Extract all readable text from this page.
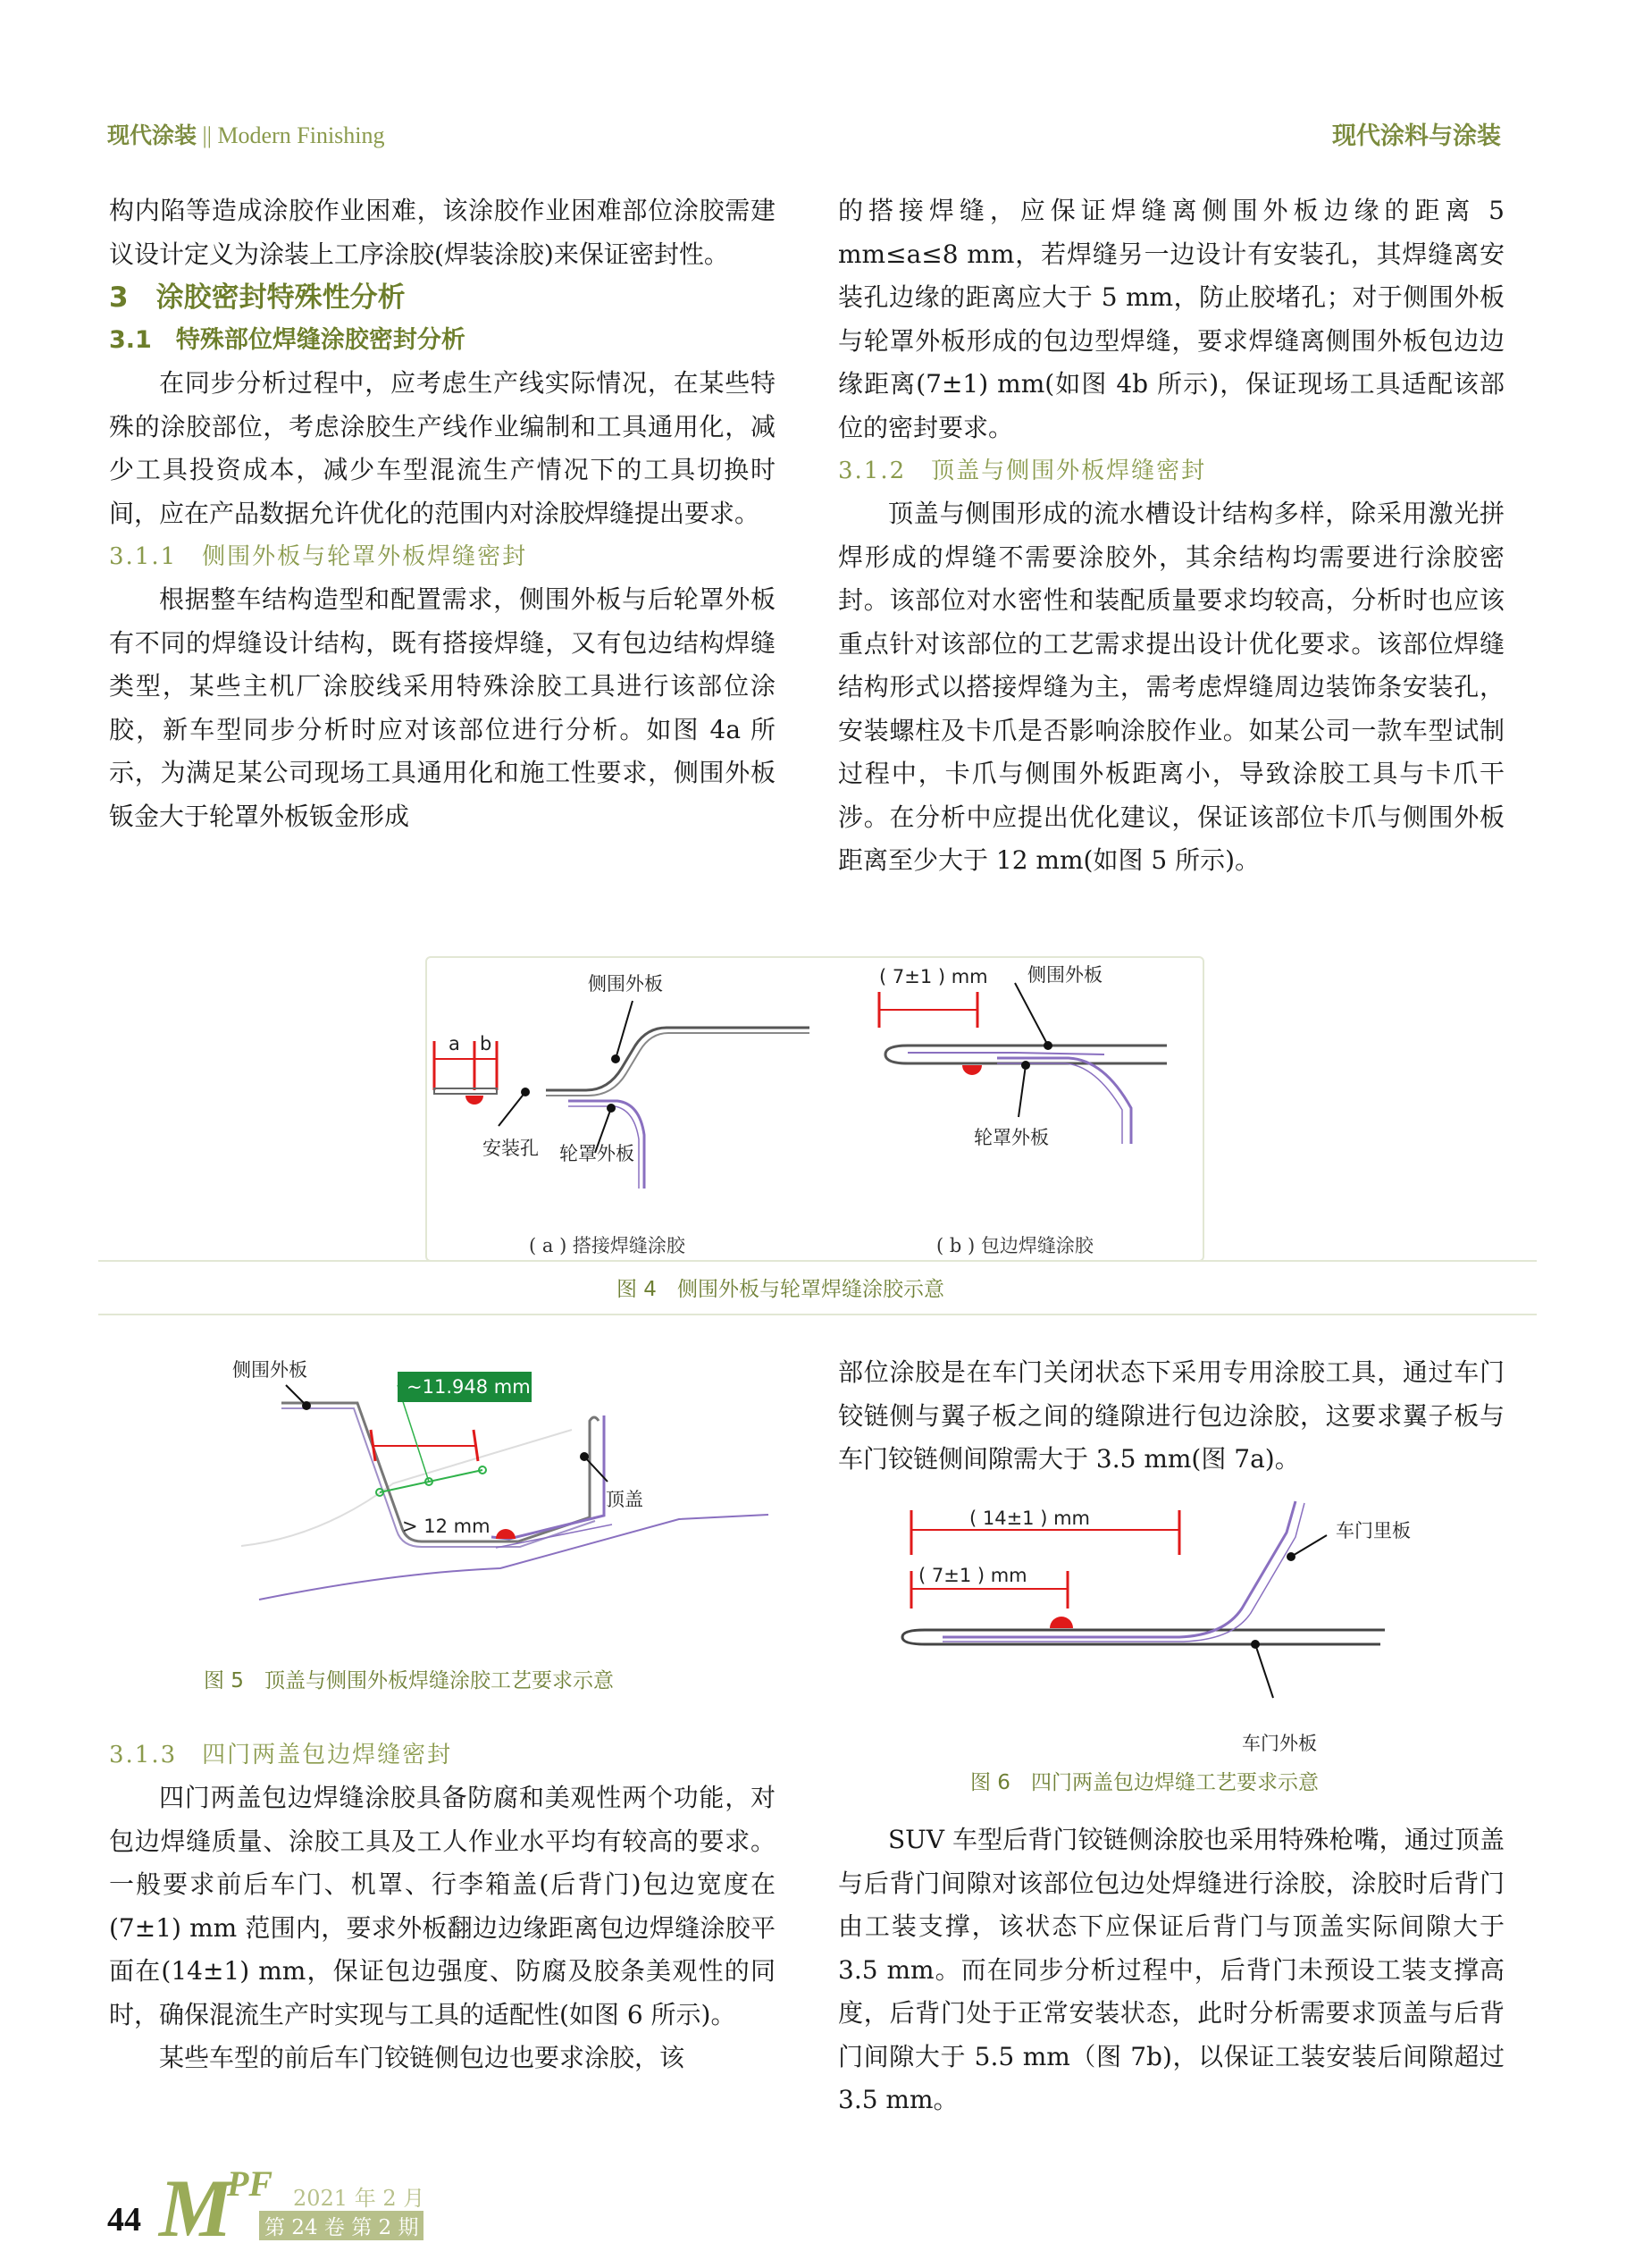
现代涂装 || Modern Finishing	现代涂料与涂装

构内陷等造成涂胶作业困难，该涂胶作业困难部位涂胶需建议设计定义为涂装上工序涂胶(焊装涂胶)来保证密封性。

3　涂胶密封特殊性分析

3.1　特殊部位焊缝涂胶密封分析

在同步分析过程中，应考虑生产线实际情况，在某些特殊的涂胶部位，考虑涂胶生产线作业编制和工具通用化，减少工具投资成本，减少车型混流生产情况下的工具切换时间，应在产品数据允许优化的范围内对涂胶焊缝提出要求。

3.1.1　侧围外板与轮罩外板焊缝密封

根据整车结构造型和配置需求，侧围外板与后轮罩外板有不同的焊缝设计结构，既有搭接焊缝，又有包边结构焊缝类型，某些主机厂涂胶线采用特殊涂胶工具进行该部位涂胶，新车型同步分析时应对该部位进行分析。如图 4a 所示，为满足某公司现场工具通用化和施工性要求，侧围外板钣金大于轮罩外板钣金形成

的搭接焊缝，应保证焊缝离侧围外板边缘的距离 5 mm≤a≤8 mm，若焊缝另一边设计有安装孔，其焊缝离安装孔边缘的距离应大于 5 mm，防止胶堵孔；对于侧围外板与轮罩外板形成的包边型焊缝，要求焊缝离侧围外板包边边缘距离(7±1) mm(如图 4b 所示)，保证现场工具适配该部位的密封要求。

3.1.2　顶盖与侧围外板焊缝密封

顶盖与侧围形成的流水槽设计结构多样，除采用激光拼焊形成的焊缝不需要涂胶外，其余结构均需要进行涂胶密封。该部位对水密性和装配质量要求均较高，分析时也应该重点针对该部位的工艺需求提出设计优化要求。该部位焊缝结构形式以搭接焊缝为主，需考虑焊缝周边装饰条安装孔，安装螺柱及卡爪是否影响涂胶作业。如某公司一款车型试制过程中，卡爪与侧围外板距离小，导致涂胶工具与卡爪干涉。在分析中应提出优化建议，保证该部位卡爪与侧围外板距离至少大于 12 mm(如图 5 所示)。

a b
安装孔
侧围外板
轮罩外板
( 7±1 ) mm 侧围外板
轮罩外板
( a ) 搭接焊缝涂胶	( b ) 包边焊缝涂胶
图 4　侧围外板与轮罩焊缝涂胶示意
~11.948 mm
> 12 mm
侧围外板
顶盖
图 5　顶盖与侧围外板焊缝涂胶工艺要求示意

3.1.3　四门两盖包边焊缝密封

四门两盖包边焊缝涂胶具备防腐和美观性两个功能，对包边焊缝质量、涂胶工具及工人作业水平均有较高的要求。一般要求前后车门、机罩、行李箱盖(后背门)包边宽度在(7±1) mm 范围内，要求外板翻边边缘距离包边焊缝涂胶平面在(14±1) mm，保证包边强度、防腐及胶条美观性的同时，确保混流生产时实现与工具的适配性(如图 6 所示)。

某些车型的前后车门铰链侧包边也要求涂胶，该

部位涂胶是在车门关闭状态下采用专用涂胶工具，通过车门铰链侧与翼子板之间的缝隙进行包边涂胶，这要求翼子板与车门铰链侧间隙需大于 3.5 mm(图 7a)。

( 14±1 ) mm
( 7±1 ) mm
车门里板
车门外板
图 6　四门两盖包边焊缝工艺要求示意

SUV 车型后背门铰链侧涂胶也采用特殊枪嘴，通过顶盖与后背门间隙对该部位包边处焊缝进行涂胶，涂胶时后背门由工装支撑，该状态下应保证后背门与顶盖实际间隙大于 3.5 mm。而在同步分析过程中，后背门未预设工装支撑高度，后背门处于正常安装状态，此时分析需要求顶盖与后背门间隙大于 5.5 mm（图 7b)，以保证工装安装后间隙超过 3.5 mm。

44 M
PF 2021 年 2 月
第 24 卷 第 2 期
